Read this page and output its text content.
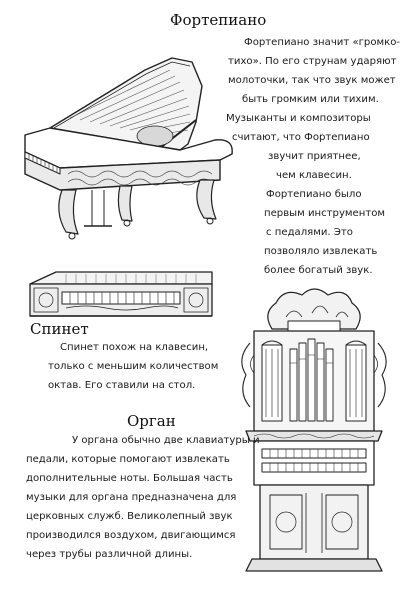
Фортепиано
Фортепиано значит «громко-
тихо». По его струнам ударяют
молоточки, так что звук может
быть громким или тихим.
Музыканты и композиторы
считают, что Фортепиано
звучит приятнее,
чем клавесин.
Фортепиано было
первым инструментом
с педалями. Это
позволяло извлекать
более богатый звук.
Спинет
Спинет похож на клавесин,
только с меньшим количеством
октав. Его ставили на стол.
Орган
У органа обычно две клавиатуры и
педали, которые помогают извлекать
дополнительные ноты. Большая часть
музыки для органа предназначена для
церковных служб. Великолепный звук
производился воздухом, двигающимся
через трубы различной длины.
